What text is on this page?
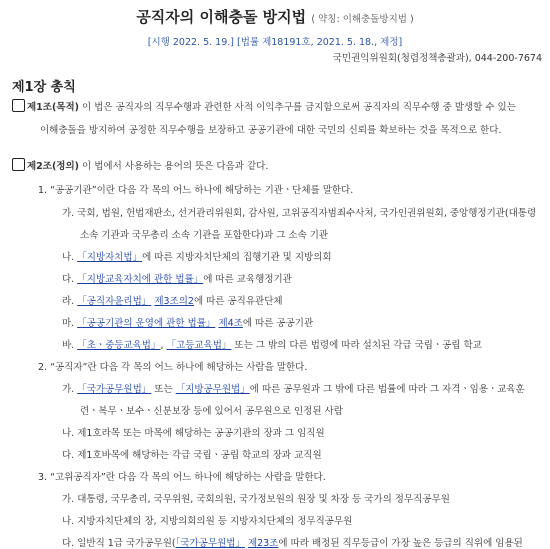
공직자의 이해충돌 방지법 ( 약칭: 이해충돌방지법 )
[시행 2022. 5. 19.] [법률 제18191호, 2021. 5. 18., 제정]
국민권익위원회(청렴정책총괄과), 044-200-7674
제1장 총칙
제1조(목적) 이 법은 공직자의 직무수행과 관련한 사적 이익추구를 금지함으로써 공직자의 직무수행 중 발생할 수 있는
이해충돌을 방지하여 공정한 직무수행을 보장하고 공공기관에 대한 국민의 신뢰를 확보하는 것을 목적으로 한다.
제2조(정의) 이 법에서 사용하는 용어의 뜻은 다음과 같다.
1. “공공기관”이란 다음 각 목의 어느 하나에 해당하는 기관ㆍ단체를 말한다.
가. 국회, 법원, 헌법재판소, 선거관리위원회, 감사원, 고위공직자범죄수사처, 국가인권위원회, 중앙행정기관(대통령
소속 기관과 국무총리 소속 기관을 포함한다)과 그 소속 기관
나. 「지방자치법」에 따른 지방자치단체의 집행기관 및 지방의회
다. 「지방교육자치에 관한 법률」에 따른 교육행정기관
라. 「공직자윤리법」 제3조의2에 따른 공직유관단체
마. 「공공기관의 운영에 관한 법률」 제4조에 따른 공공기관
바. 「초ㆍ중등교육법」, 「고등교육법」 또는 그 밖의 다른 법령에 따라 설치된 각급 국립ㆍ공립 학교
2. “공직자”란 다음 각 목의 어느 하나에 해당하는 사람을 말한다.
가. 「국가공무원법」 또는 「지방공무원법」에 따른 공무원과 그 밖에 다른 법률에 따라 그 자격ㆍ임용ㆍ교육훈
련ㆍ복무ㆍ보수ㆍ신분보장 등에 있어서 공무원으로 인정된 사람
나. 제1호라목 또는 마목에 해당하는 공공기관의 장과 그 임직원
다. 제1호바목에 해당하는 각급 국립ㆍ공립 학교의 장과 교직원
3. “고위공직자”란 다음 각 목의 어느 하나에 해당하는 사람을 말한다.
가. 대통령, 국무총리, 국무위원, 국회의원, 국가정보원의 원장 및 차장 등 국가의 정무직공무원
나. 지방자치단체의 장, 지방의회의원 등 지방자치단체의 정무직공무원
다. 일반직 1급 국가공무원(「국가공무원법」 제23조에 따라 배정된 직무등급이 가장 높은 등급의 직위에 임용된
